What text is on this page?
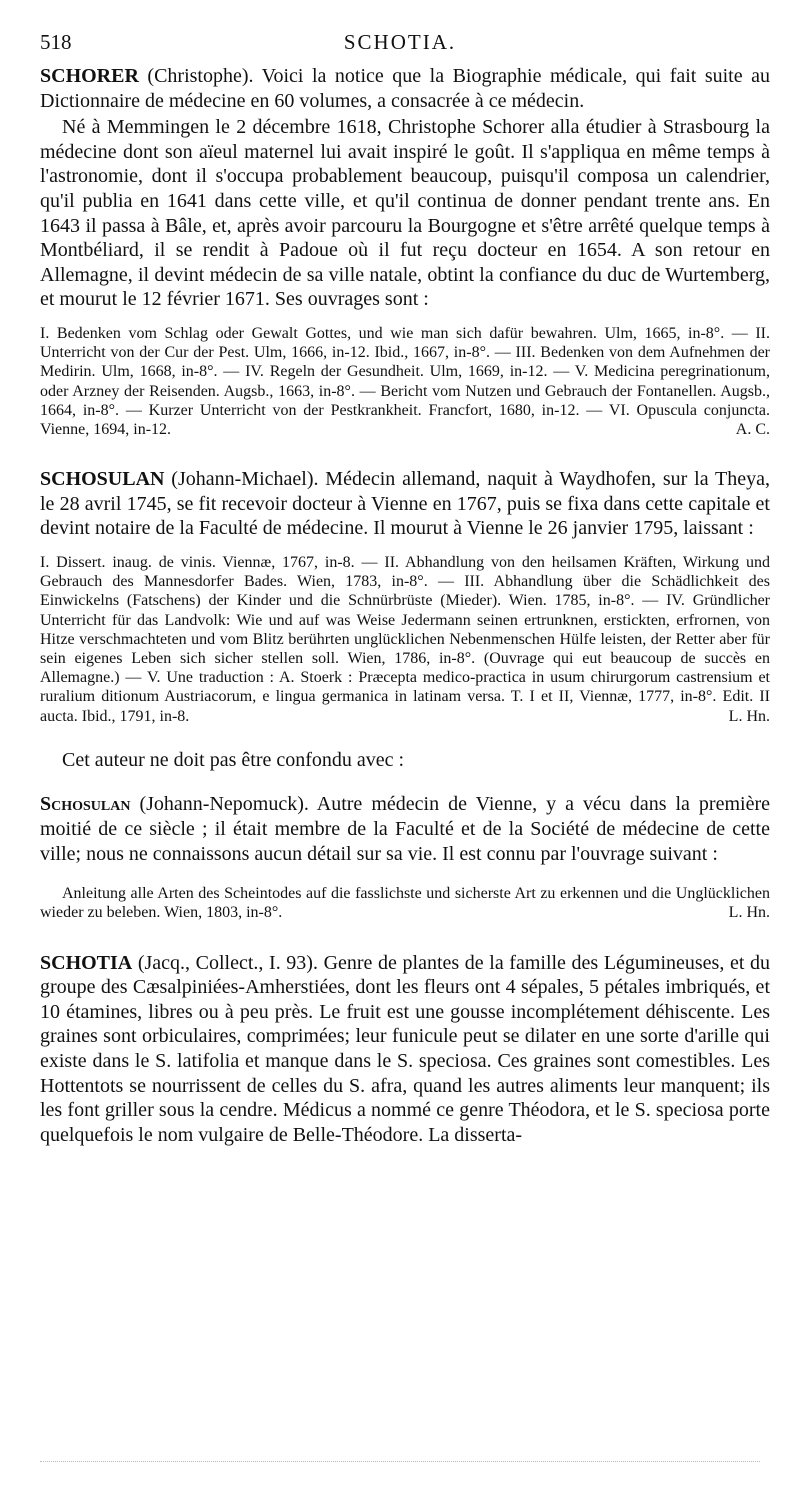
518	SCHOTIA.

SCHORER (Christophe). Voici la notice que la Biographie médicale, qui fait suite au Dictionnaire de médecine en 60 volumes, a consacrée à ce médecin.

Né à Memmingen le 2 décembre 1618, Christophe Schorer alla étudier à Strasbourg la médecine dont son aïeul maternel lui avait inspiré le goût. Il s'appliqua en même temps à l'astronomie, dont il s'occupa probablement beaucoup, puisqu'il composa un calendrier, qu'il publia en 1641 dans cette ville, et qu'il continua de donner pendant trente ans. En 1643 il passa à Bâle, et, après avoir parcouru la Bourgogne et s'être arrêté quelque temps à Montbéliard, il se rendit à Padoue où il fut reçu docteur en 1654. A son retour en Allemagne, il devint médecin de sa ville natale, obtint la confiance du duc de Wurtemberg, et mourut le 12 février 1671. Ses ouvrages sont :

I. Bedenken vom Schlag oder Gewalt Gottes, und wie man sich dafür bewahren. Ulm, 1665, in-8°. — II. Unterricht von der Cur der Pest. Ulm, 1666, in-12. Ibid., 1667, in-8°. — III. Bedenken von dem Aufnehmen der Medirin. Ulm, 1668, in-8°. — IV. Regeln der Gesundheit. Ulm, 1669, in-12. — V. Medicina peregrinationum, oder Arzney der Reisenden. Augsb., 1663, in-8°. — Bericht vom Nutzen und Gebrauch der Fontanellen. Augsb., 1664, in-8°. — Kurzer Unterricht von der Pestkrankheit. Francfort, 1680, in-12. — VI. Opuscula conjuncta. Vienne, 1694, in-12.	A. C.

SCHOSULAN (Johann-Michael). Médecin allemand, naquit à Waydhofen, sur la Theya, le 28 avril 1745, se fit recevoir docteur à Vienne en 1767, puis se fixa dans cette capitale et devint notaire de la Faculté de médecine. Il mourut à Vienne le 26 janvier 1795, laissant :

I. Dissert. inaug. de vinis. Viennæ, 1767, in-8. — II. Abhandlung von den heilsamen Kräften, Wirkung und Gebrauch des Mannesdorfer Bades. Wien, 1783, in-8°. — III. Abhandlung über die Schädlichkeit des Einwickelns (Fatschens) der Kinder und die Schnürbrüste (Mieder). Wien. 1785, in-8°. — IV. Gründlicher Unterricht für das Landvolk: Wie und auf was Weise Jedermann seinen ertrunknen, erstickten, erfrornen, von Hitze verschmachteten und vom Blitz berührten unglücklichen Nebenmenschen Hülfe leisten, der Retter aber für sein eigenes Leben sich sicher stellen soll. Wien, 1786, in-8°. (Ouvrage qui eut beaucoup de succès en Allemagne.) — V. Une traduction : A. Stoerk : Præcepta medico-practica in usum chirurgorum castrensium et ruralium ditionum Austriacorum, e lingua germanica in latinam versa. T. I et II, Viennæ, 1777, in-8°. Edit. II aucta. Ibid., 1791, in-8.	L. Hn.

Cet auteur ne doit pas être confondu avec :

Schosulan (Johann-Nepomuck). Autre médecin de Vienne, y a vécu dans la première moitié de ce siècle ; il était membre de la Faculté et de la Société de médecine de cette ville; nous ne connaissons aucun détail sur sa vie. Il est connu par l'ouvrage suivant :

Anleitung alle Arten des Scheintodes auf die fasslichste und sicherste Art zu erkennen und die Unglücklichen wieder zu beleben. Wien, 1803, in-8°.	L. Hn.

SCHOTIA (Jacq., Collect., I. 93). Genre de plantes de la famille des Légumineuses, et du groupe des Cæsalpiniées-Amherstiées, dont les fleurs ont 4 sépales, 5 pétales imbriqués, et 10 étamines, libres ou à peu près. Le fruit est une gousse incomplétement déhiscente. Les graines sont orbiculaires, comprimées; leur funicule peut se dilater en une sorte d'arille qui existe dans le S. latifolia et manque dans le S. speciosa. Ces graines sont comestibles. Les Hottentots se nourrissent de celles du S. afra, quand les autres aliments leur manquent; ils les font griller sous la cendre. Médicus a nommé ce genre Théodora, et le S. speciosa porte quelquefois le nom vulgaire de Belle-Théodore. La disserta-
